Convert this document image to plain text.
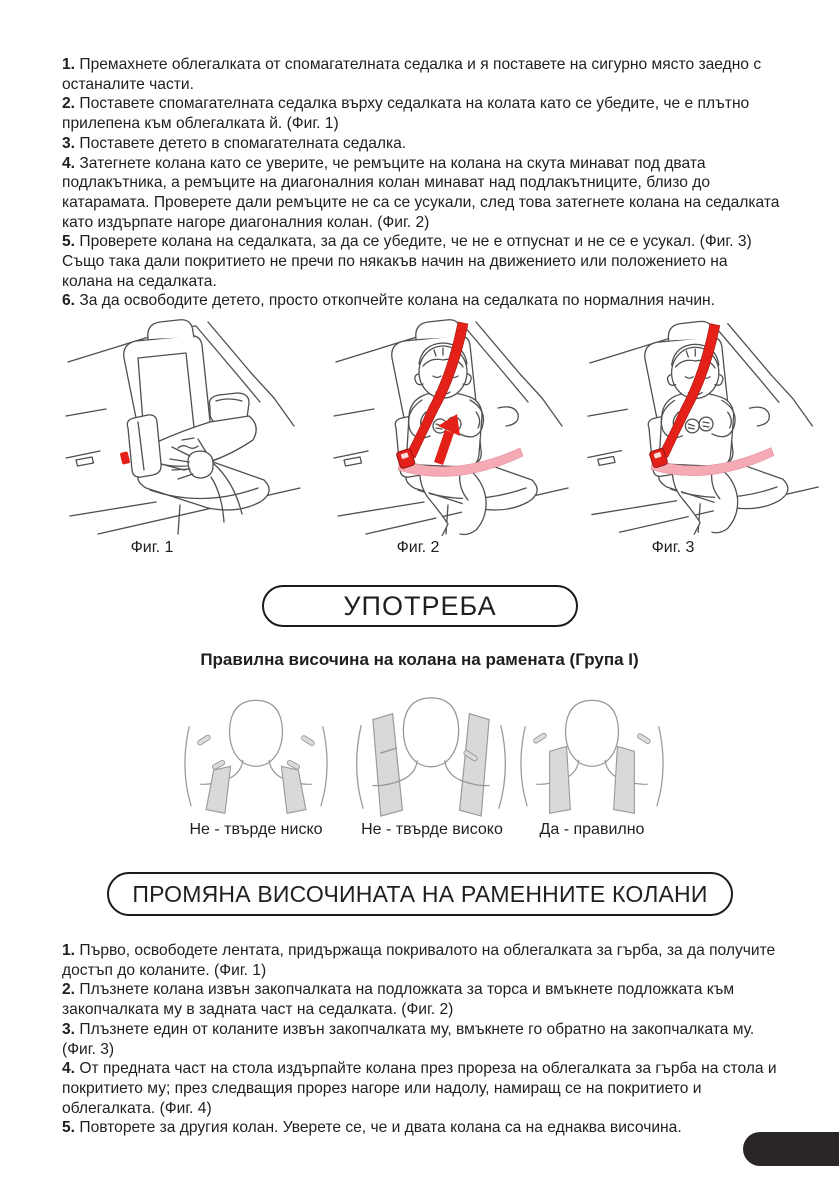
1. Премахнете облегалката от спомагателната седалка и я поставете на сигурно място заедно с останалите части.

2. Поставете спомагателната седалка върху седалката на колата като се убедите, че е плътно прилепена към облегалката й. (Фиг. 1)

3. Поставете детето в спомагателната седалка.

4. Затегнете колана като се уверите, че ремъците на колана на скута минават под двата подлакътника, а ремъците на диагоналния колан минават над подлакътниците, близо до катарамата. Проверете дали ремъците не са се усукали, след това затегнете колана на седалката като издърпате нагоре диагоналния колан. (Фиг. 2)

5. Проверете колана на седалката, за да се убедите, че не е отпуснат и не се е усукал. (Фиг. 3) Също така дали покритието не пречи по някакъв начин на движението или положението на колана на седалката.

6. За да освободите детето, просто откопчейте колана на седалката по нормалния начин.

Фиг. 1	Фиг. 2	Фиг. 3
УПОТРЕБА
Правилна височина на колана на рамената (Група I)
Не - твърде ниско	Не - твърде високо	Да - правилно
ПРОМЯНА ВИСОЧИНАТА НА РАМЕННИТЕ КОЛАНИ

1. Първо, освободете лентата, придържаща покривалото на облегалката за гърба, за да получите достъп до коланите. (Фиг. 1)

2. Плъзнете колана извън закопчалката на подложката за торса и вмъкнете подложката към закопчалката му в задната част на седалката. (Фиг. 2)

3. Плъзнете един от коланите извън закопчалката му, вмъкнете го обратно на закопчалката му. (Фиг. 3)

4. От предната част на стола издърпайте колана през прореза на облегалката за гърба на стола и покритието му; през следващия прорез нагоре или надолу, намиращ се на покритието и облегалката. (Фиг. 4)

5. Повторете за другия колан. Уверете се, че и двата колана са на еднаква височина.
